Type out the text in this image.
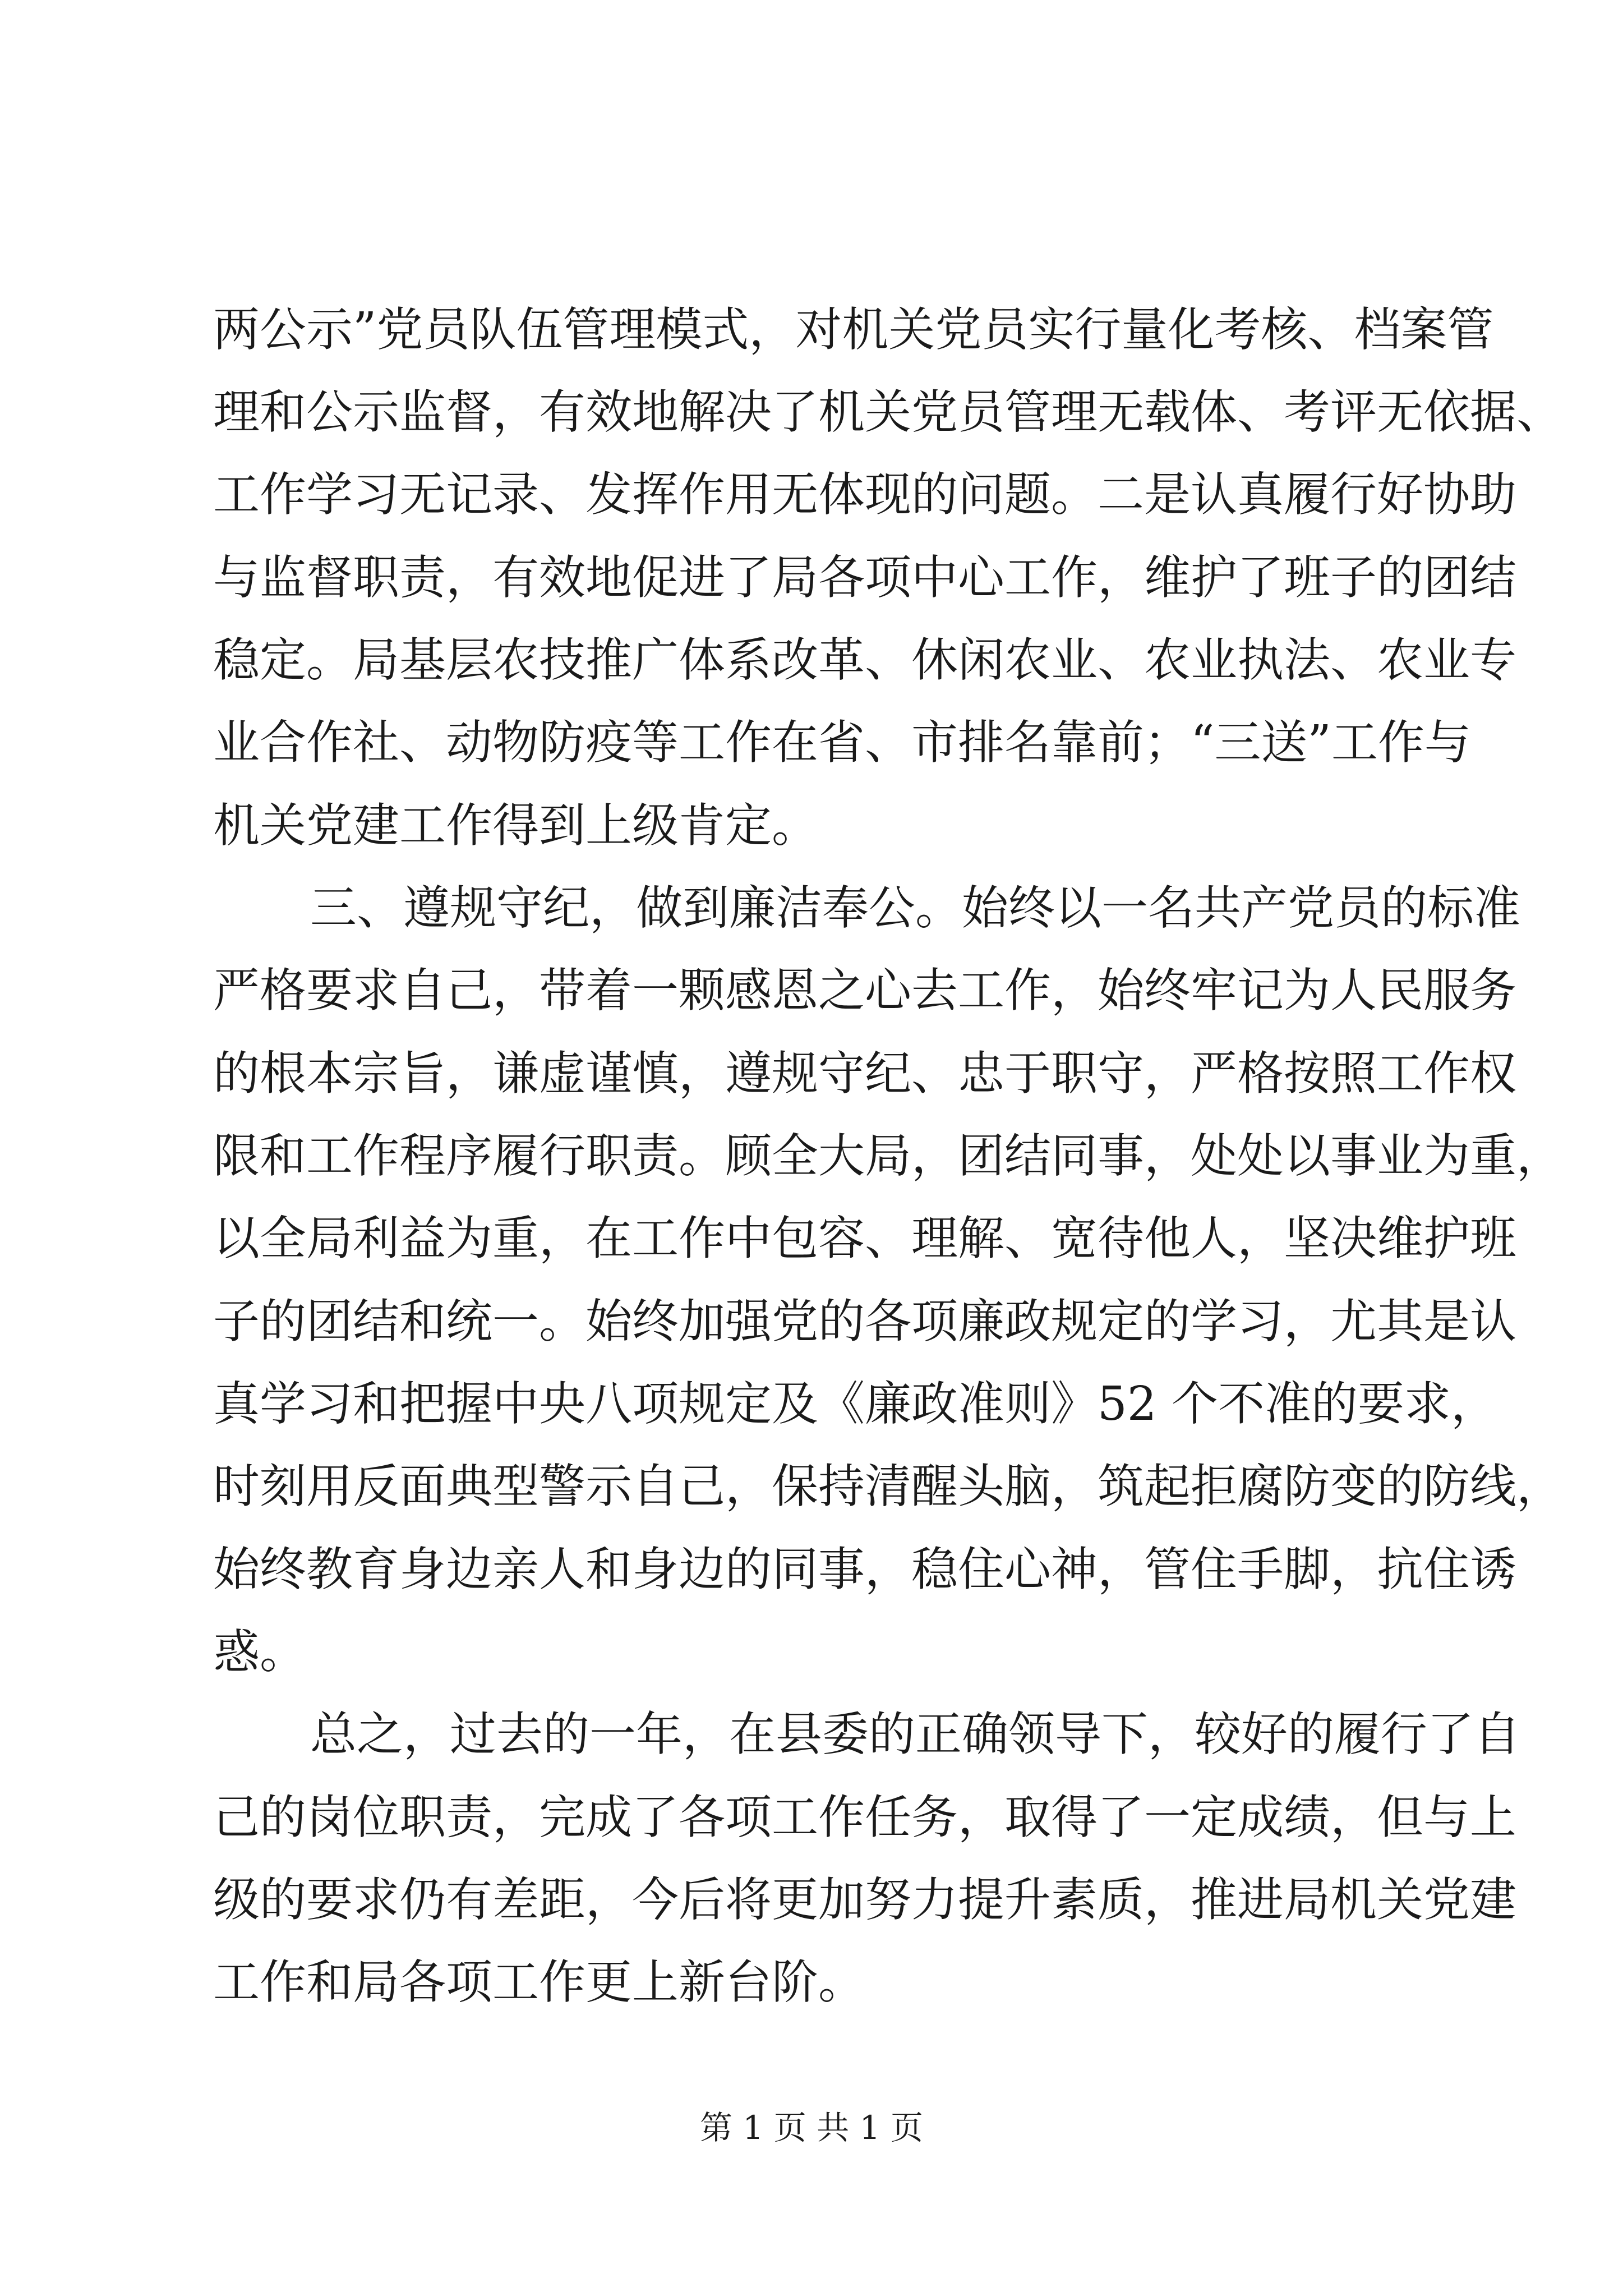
两公示”党员队伍管理模式，对机关党员实行量化考核、档案管
理和公示监督，有效地解决了机关党员管理无载体、考评无依据、
工作学习无记录、发挥作用无体现的问题。二是认真履行好协助
与监督职责，有效地促进了局各项中心工作，维护了班子的团结
稳定。局基层农技推广体系改革、休闲农业、农业执法、农业专
业合作社、动物防疫等工作在省、市排名靠前；“三送”工作与
机关党建工作得到上级肯定。
三、遵规守纪，做到廉洁奉公。始终以一名共产党员的标准
严格要求自己，带着一颗感恩之心去工作，始终牢记为人民服务
的根本宗旨，谦虚谨慎，遵规守纪、忠于职守，严格按照工作权
限和工作程序履行职责。顾全大局，团结同事，处处以事业为重，
以全局利益为重，在工作中包容、理解、宽待他人，坚决维护班
子的团结和统一。始终加强党的各项廉政规定的学习，尤其是认
真学习和把握中央八项规定及《廉政准则》52 个不准的要求，
时刻用反面典型警示自己，保持清醒头脑，筑起拒腐防变的防线，
始终教育身边亲人和身边的同事，稳住心神，管住手脚，抗住诱
惑。
总之，过去的一年，在县委的正确领导下，较好的履行了自
己的岗位职责，完成了各项工作任务，取得了一定成绩，但与上
级的要求仍有差距，今后将更加努力提升素质，推进局机关党建
工作和局各项工作更上新台阶。
第 1 页 共 1 页
